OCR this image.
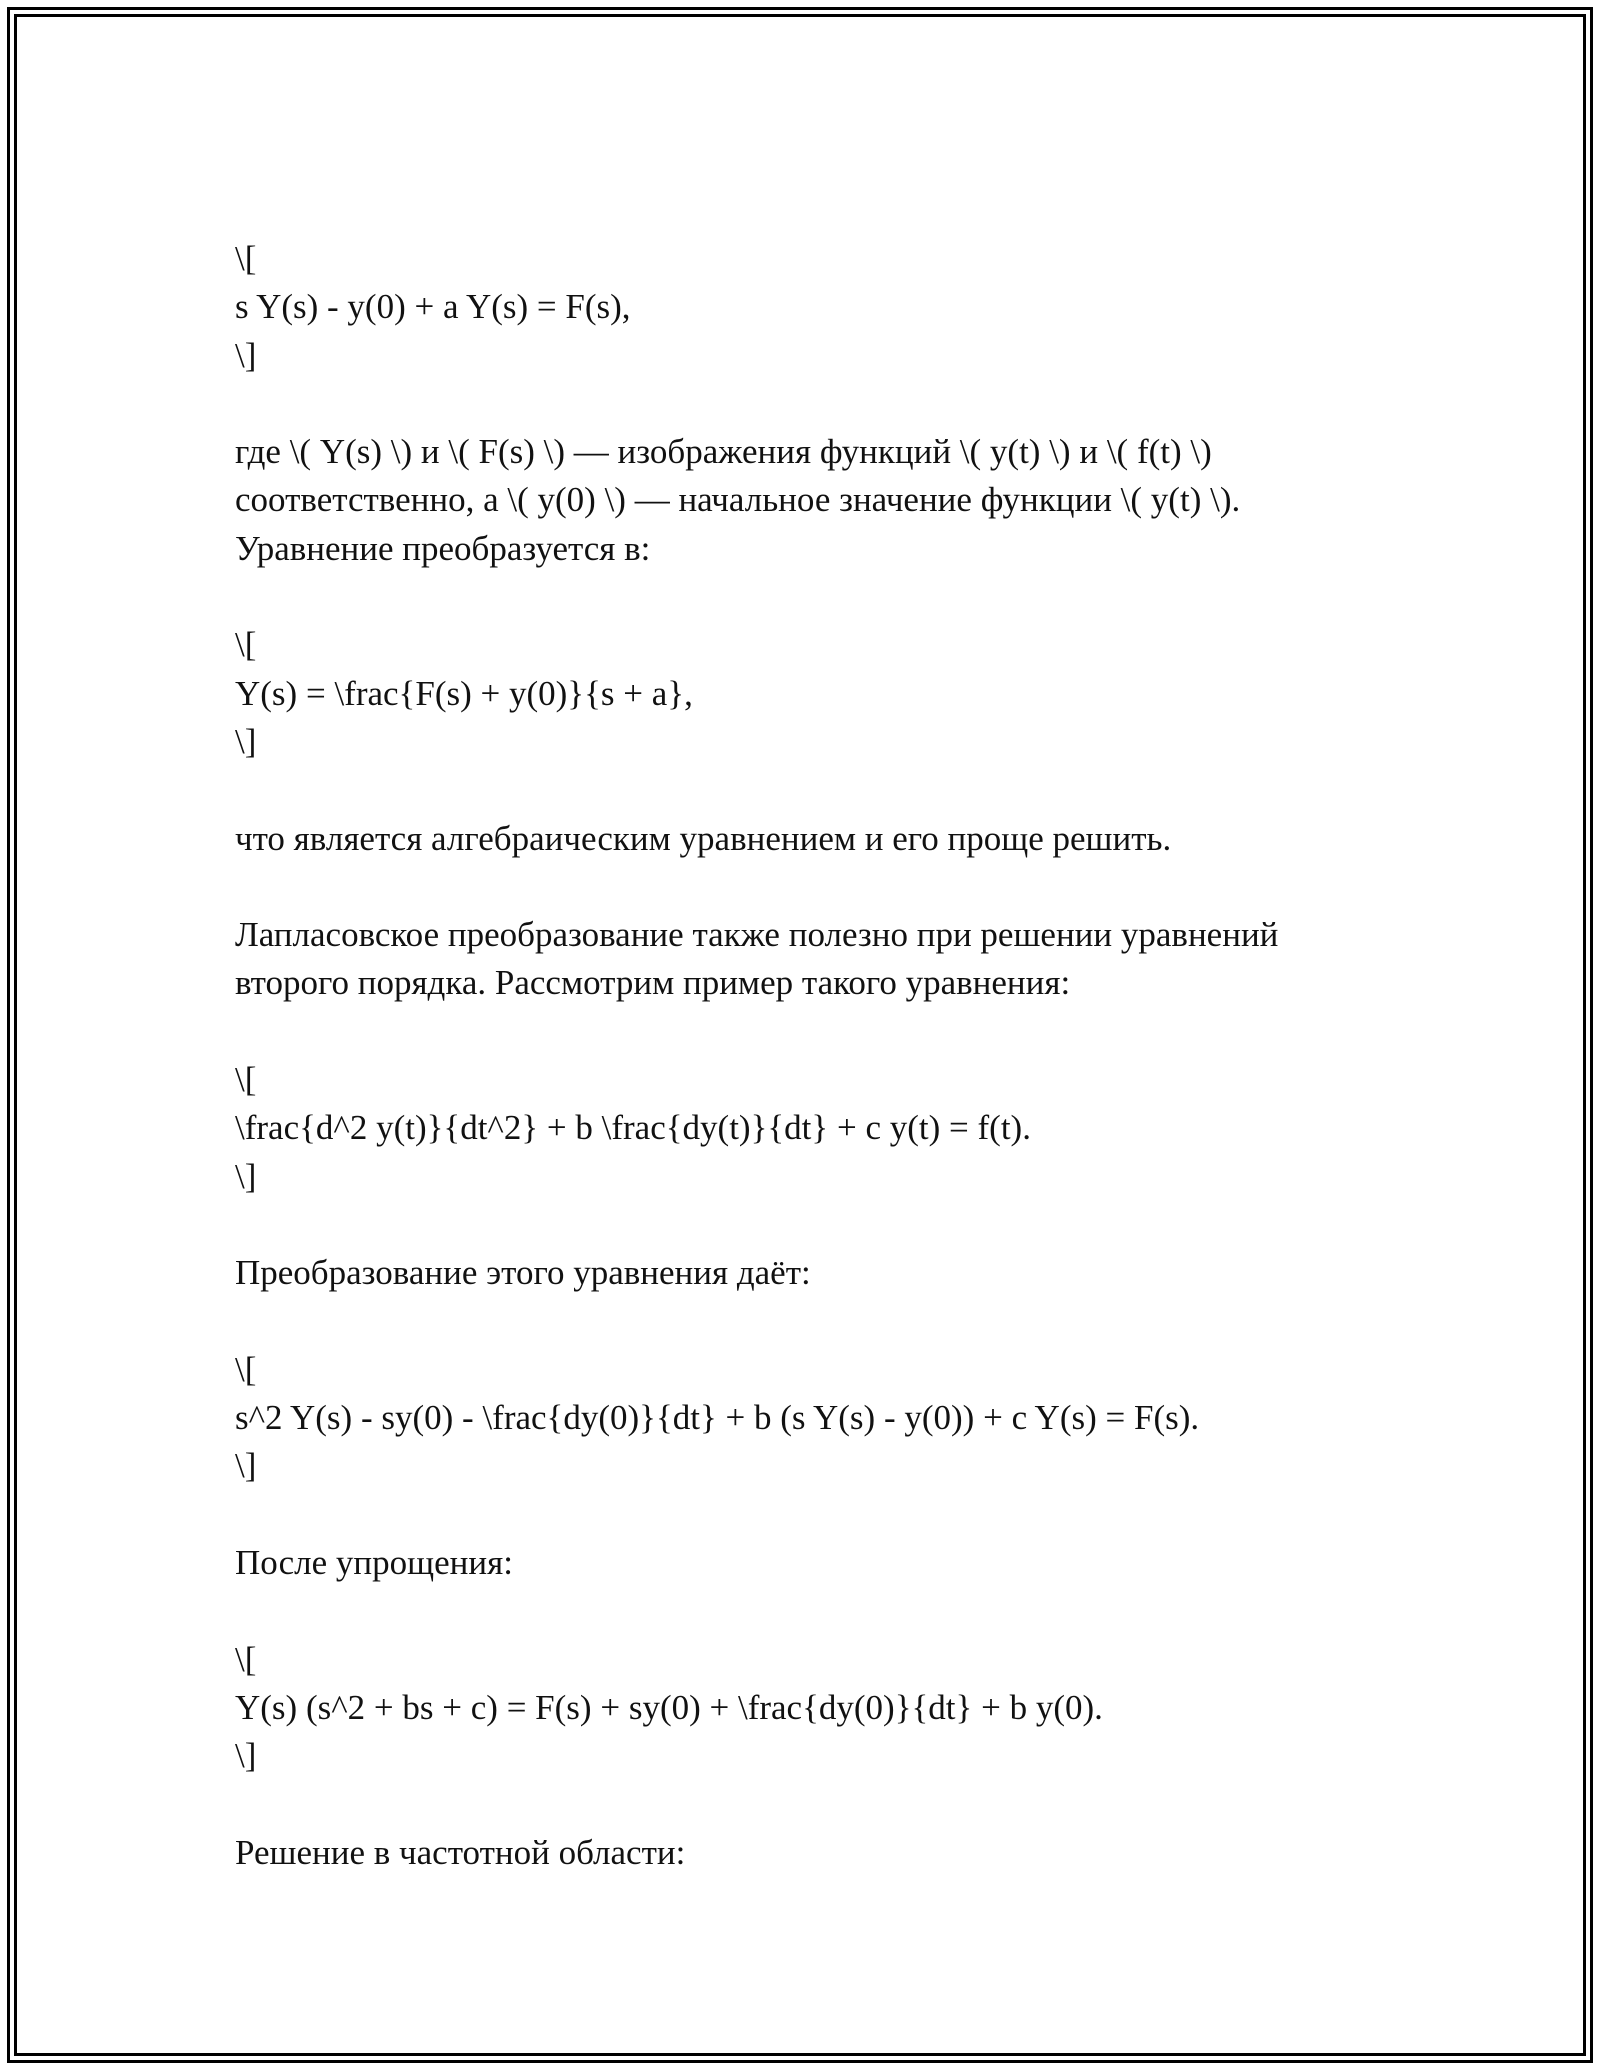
\[
s Y(s) - y(0) + a Y(s) = F(s),
\]
где \( Y(s) \) и \( F(s) \) — изображения функций \( y(t) \) и \( f(t) \)
соответственно, а \( y(0) \) — начальное значение функции \( y(t) \).
Уравнение преобразуется в:
\[
Y(s) = \frac{F(s) + y(0)}{s + a},
\]
что является алгебраическим уравнением и его проще решить.
Лапласовское преобразование также полезно при решении уравнений
второго порядка. Рассмотрим пример такого уравнения:
\[
\frac{d^2 y(t)}{dt^2} + b \frac{dy(t)}{dt} + c y(t) = f(t).
\]
Преобразование этого уравнения даёт:
\[
s^2 Y(s) - sy(0) - \frac{dy(0)}{dt} + b (s Y(s) - y(0)) + c Y(s) = F(s).
\]
После упрощения:
\[
Y(s) (s^2 + bs + c) = F(s) + sy(0) + \frac{dy(0)}{dt} + b y(0).
\]
Решение в частотной области:
